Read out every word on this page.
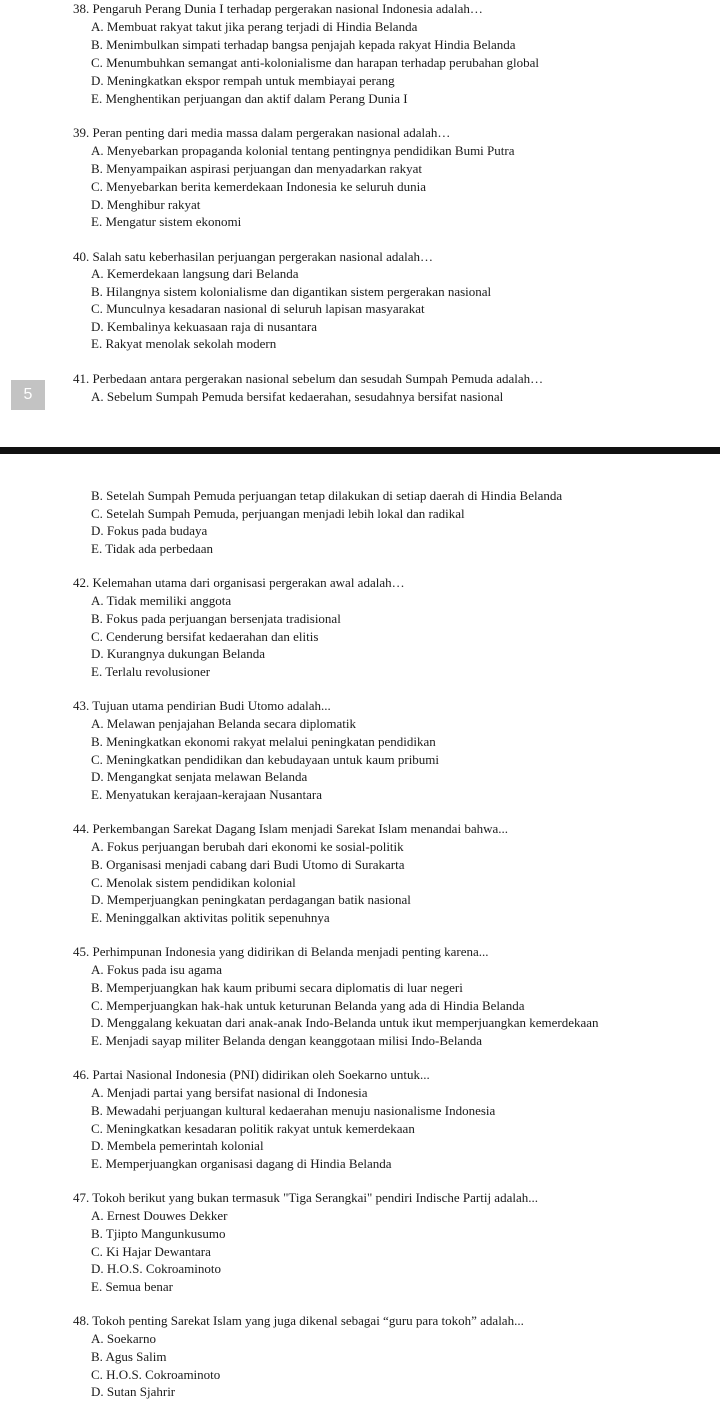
38. Pengaruh Perang Dunia I terhadap pergerakan nasional Indonesia adalah…
A. Membuat rakyat takut jika perang terjadi di Hindia Belanda
B. Menimbulkan simpati terhadap bangsa penjajah kepada rakyat Hindia Belanda
C. Menumbuhkan semangat anti-kolonialisme dan harapan terhadap perubahan global
D. Meningkatkan ekspor rempah untuk membiayai perang
E. Menghentikan perjuangan dan aktif dalam Perang Dunia I
39. Peran penting dari media massa dalam pergerakan nasional adalah…
A. Menyebarkan propaganda kolonial tentang pentingnya pendidikan Bumi Putra
B. Menyampaikan aspirasi perjuangan dan menyadarkan rakyat
C. Menyebarkan berita kemerdekaan Indonesia ke seluruh dunia
D. Menghibur rakyat
E. Mengatur sistem ekonomi
40. Salah satu keberhasilan perjuangan pergerakan nasional adalah…
A. Kemerdekaan langsung dari Belanda
B. Hilangnya sistem kolonialisme dan digantikan sistem pergerakan nasional
C. Munculnya kesadaran nasional di seluruh lapisan masyarakat
D. Kembalinya kekuasaan raja di nusantara
E. Rakyat menolak sekolah modern
41. Perbedaan antara pergerakan nasional sebelum dan sesudah Sumpah Pemuda adalah…
A. Sebelum Sumpah Pemuda bersifat kedaerahan, sesudahnya bersifat nasional
5
B. Setelah Sumpah Pemuda perjuangan tetap dilakukan di setiap daerah di Hindia Belanda
C. Setelah Sumpah Pemuda, perjuangan menjadi lebih lokal dan radikal
D. Fokus pada budaya
E. Tidak ada perbedaan
42. Kelemahan utama dari organisasi pergerakan awal adalah…
A. Tidak memiliki anggota
B. Fokus pada perjuangan bersenjata tradisional
C. Cenderung bersifat kedaerahan dan elitis
D. Kurangnya dukungan Belanda
E. Terlalu revolusioner
43. Tujuan utama pendirian Budi Utomo adalah...
A. Melawan penjajahan Belanda secara diplomatik
B. Meningkatkan ekonomi rakyat melalui peningkatan pendidikan
C. Meningkatkan pendidikan dan kebudayaan untuk kaum pribumi
D. Mengangkat senjata melawan Belanda
E. Menyatukan kerajaan-kerajaan Nusantara
44. Perkembangan Sarekat Dagang Islam menjadi Sarekat Islam menandai bahwa...
A. Fokus perjuangan berubah dari ekonomi ke sosial-politik
B. Organisasi menjadi cabang dari Budi Utomo di Surakarta
C. Menolak sistem pendidikan kolonial
D. Memperjuangkan peningkatan perdagangan batik nasional
E. Meninggalkan aktivitas politik sepenuhnya
45. Perhimpunan Indonesia yang didirikan di Belanda menjadi penting karena...
A. Fokus pada isu agama
B. Memperjuangkan hak kaum pribumi secara diplomatis di luar negeri
C. Memperjuangkan hak-hak untuk keturunan Belanda yang ada di Hindia Belanda
D. Menggalang kekuatan dari anak-anak Indo-Belanda untuk ikut memperjuangkan kemerdekaan
E. Menjadi sayap militer Belanda dengan keanggotaan milisi Indo-Belanda
46. Partai Nasional Indonesia (PNI) didirikan oleh Soekarno untuk...
A. Menjadi partai yang bersifat nasional di Indonesia
B. Mewadahi perjuangan kultural kedaerahan menuju nasionalisme Indonesia
C. Meningkatkan kesadaran politik rakyat untuk kemerdekaan
D. Membela pemerintah kolonial
E. Memperjuangkan organisasi dagang di Hindia Belanda
47. Tokoh berikut yang bukan termasuk "Tiga Serangkai" pendiri Indische Partij adalah...
A. Ernest Douwes Dekker
B. Tjipto Mangunkusumo
C. Ki Hajar Dewantara
D. H.O.S. Cokroaminoto
E. Semua benar
48. Tokoh penting Sarekat Islam yang juga dikenal sebagai “guru para tokoh” adalah...
A. Soekarno
B. Agus Salim
C. H.O.S. Cokroaminoto
D. Sutan Sjahrir
